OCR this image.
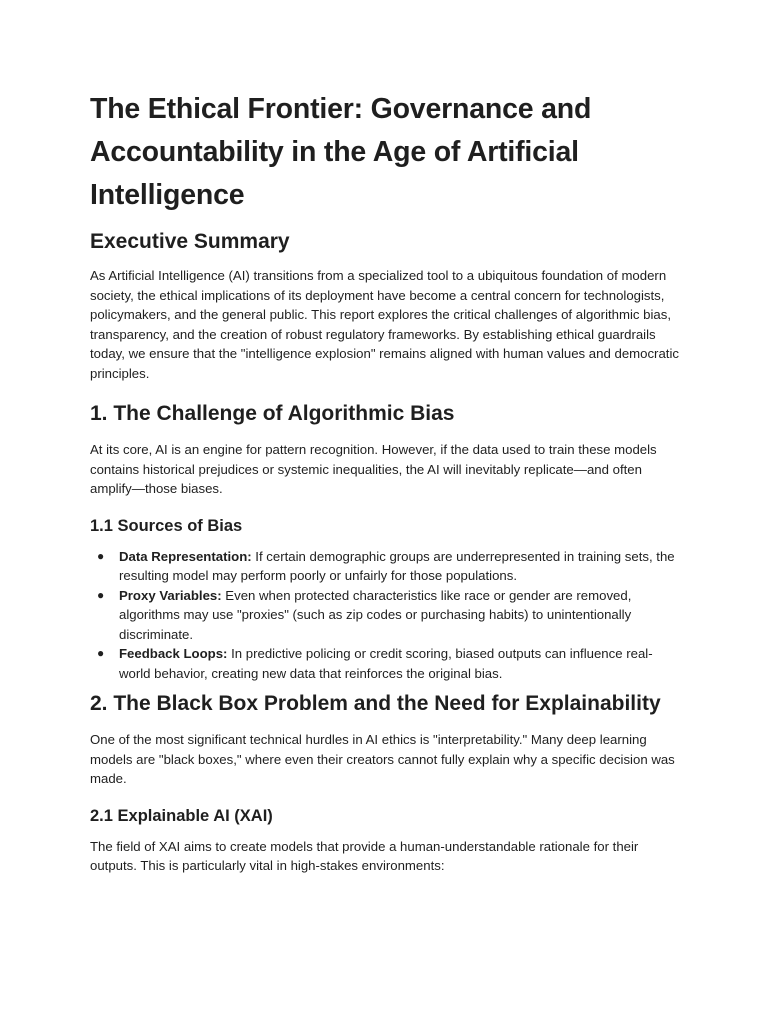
The Ethical Frontier: Governance and Accountability in the Age of Artificial Intelligence
Executive Summary

As Artificial Intelligence (AI) transitions from a specialized tool to a ubiquitous foundation of modern society, the ethical implications of its deployment have become a central concern for technologists, policymakers, and the general public. This report explores the critical challenges of algorithmic bias, transparency, and the creation of robust regulatory frameworks. By establishing ethical guardrails today, we ensure that the "intelligence explosion" remains aligned with human values and democratic principles.

1. The Challenge of Algorithmic Bias

At its core, AI is an engine for pattern recognition. However, if the data used to train these models contains historical prejudices or systemic inequalities, the AI will inevitably replicate—and often amplify—those biases.

1.1 Sources of Bias
● Data Representation: If certain demographic groups are underrepresented in training sets, the resulting model may perform poorly or unfairly for those populations.
● Proxy Variables: Even when protected characteristics like race or gender are removed, algorithms may use "proxies" (such as zip codes or purchasing habits) to unintentionally discriminate.
● Feedback Loops: In predictive policing or credit scoring, biased outputs can influence real-world behavior, creating new data that reinforces the original bias.
2. The Black Box Problem and the Need for Explainability

One of the most significant technical hurdles in AI ethics is "interpretability." Many deep learning models are "black boxes," where even their creators cannot fully explain why a specific decision was made.

2.1 Explainable AI (XAI)

The field of XAI aims to create models that provide a human-understandable rationale for their outputs. This is particularly vital in high-stakes environments:
